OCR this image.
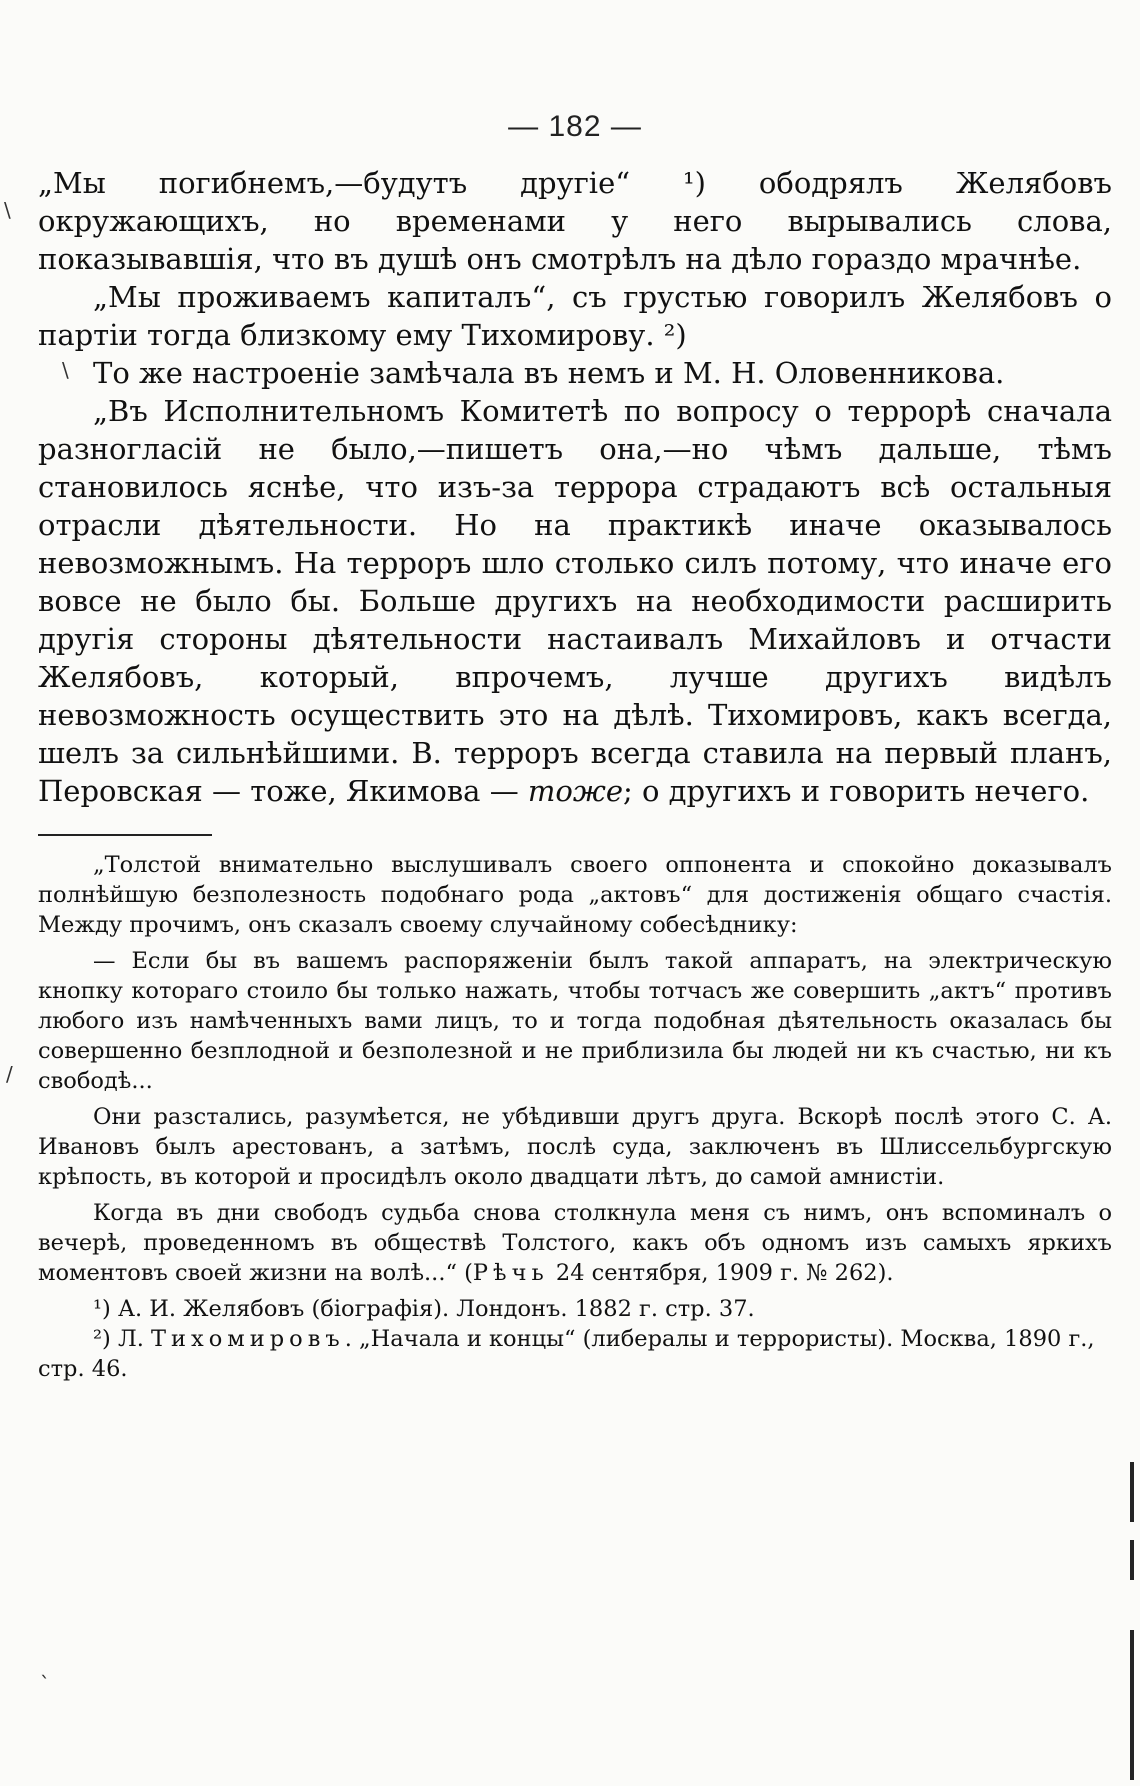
— 182 —

„Мы погибнемъ,—будутъ другіе“ ¹) ободрялъ Желябовъ окружающихъ, но временами у него вырывались слова, показывавшія, что въ душѣ онъ смотрѣлъ на дѣло гораздо мрачнѣе.

„Мы проживаемъ капиталъ“, съ грустью говорилъ Желябовъ о партіи тогда близкому ему Тихомирову. ²)

То же настроеніе замѣчала въ немъ и М. Н. Оловенникова.

„Въ Исполнительномъ Комитетѣ по вопросу о террорѣ сначала разногласій не было,—пишетъ она,—но чѣмъ дальше, тѣмъ становилось яснѣе, что изъ-за террора страдаютъ всѣ остальныя отрасли дѣятельности. Но на практикѣ иначе оказывалось невозможнымъ. На терроръ шло столько силъ потому, что иначе его вовсе не было бы. Больше другихъ на необходимости расширить другія стороны дѣятельности настаивалъ Михайловъ и отчасти Желябовъ, который, впрочемъ, лучше другихъ видѣлъ невозможность осуществить это на дѣлѣ. Тихомировъ, какъ всегда, шелъ за сильнѣйшими. В. терроръ всегда ставила на первый планъ, Перовская — тоже, Якимова — тоже; о другихъ и говорить нечего.

„Толстой внимательно выслушивалъ своего оппонента и спокойно доказывалъ полнѣйшую безполезность подобнаго рода „актовъ“ для достиженія общаго счастія. Между прочимъ, онъ сказалъ своему случайному собесѣднику:

— Если бы въ вашемъ распоряженіи былъ такой аппаратъ, на электрическую кнопку котораго стоило бы только нажать, чтобы тотчасъ же совершить „актъ“ противъ любого изъ намѣченныхъ вами лицъ, то и тогда подобная дѣятельность оказалась бы совершенно безплодной и безполезной и не приблизила бы людей ни къ счастью, ни къ свободѣ...

Они разстались, разумѣется, не убѣдивши другъ друга. Вскорѣ послѣ этого С. А. Ивановъ былъ арестованъ, а затѣмъ, послѣ суда, заключенъ въ Шлиссельбургскую крѣпость, въ которой и просидѣлъ около двадцати лѣтъ, до самой амнистіи.

Когда въ дни свободъ судьба снова столкнула меня съ нимъ, онъ вспоминалъ о вечерѣ, проведенномъ въ обществѣ Толстого, какъ объ одномъ изъ самыхъ яркихъ моментовъ своей жизни на волѣ...“ (Рѣчь 24 сентября, 1909 г. № 262).

¹) А. И. Желябовъ (біографія). Лондонъ. 1882 г. стр. 37.

²) Л. Тихомировъ. „Начала и концы“ (либералы и террористы). Москва, 1890 г., стр. 46.

\
\
/
`
